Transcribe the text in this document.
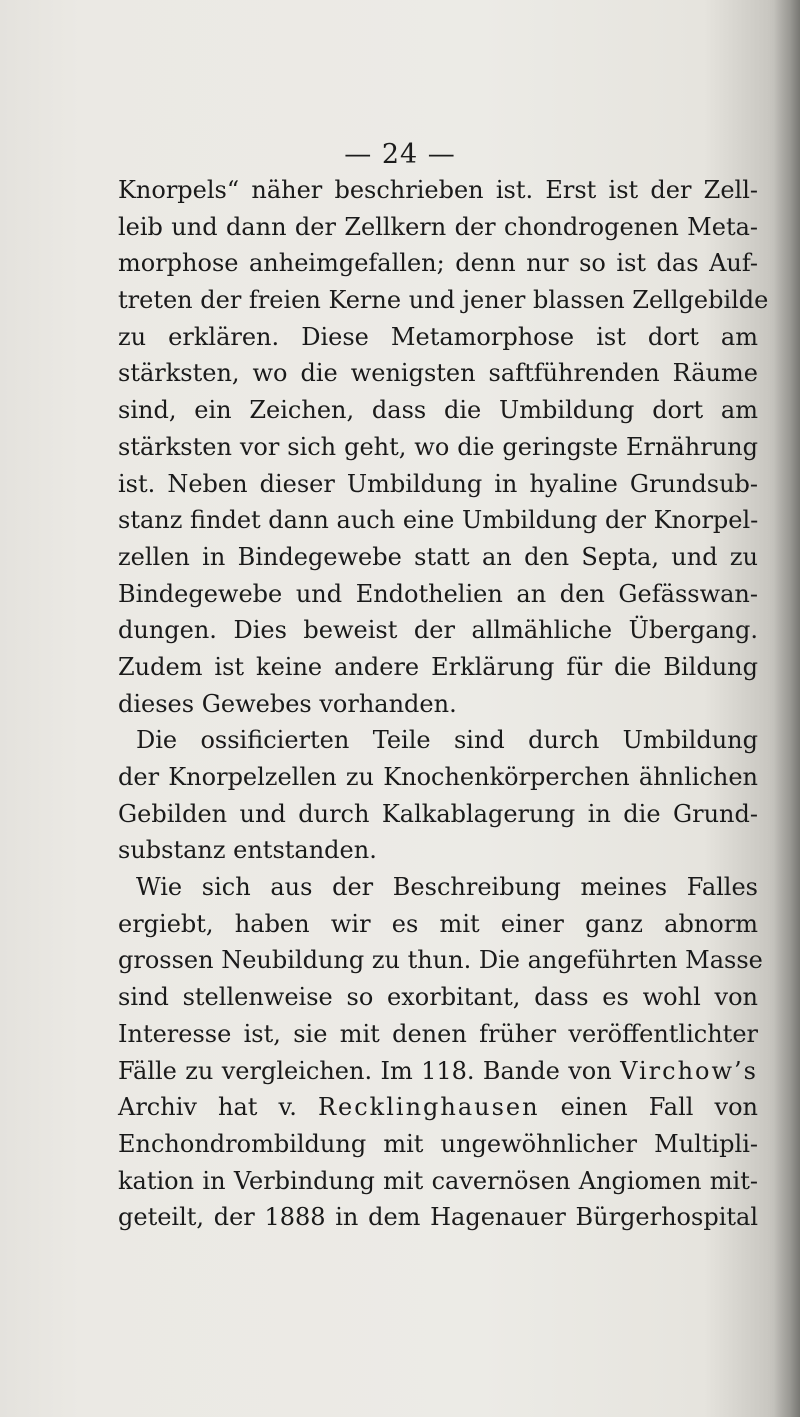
— 24 —
Knorpels“ näher beschrieben ist. Erst ist der Zell-
leib und dann der Zellkern der chondrogenen Meta-
morphose anheimgefallen; denn nur so ist das Auf-
treten der freien Kerne und jener blassen Zellgebilde
zu erklären. Diese Metamorphose ist dort am
stärksten, wo die wenigsten saftführenden Räume
sind, ein Zeichen, dass die Umbildung dort am
stärksten vor sich geht, wo die geringste Ernährung
ist. Neben dieser Umbildung in hyaline Grundsub-
stanz findet dann auch eine Umbildung der Knorpel-
zellen in Bindegewebe statt an den Septa, und zu
Bindegewebe und Endothelien an den Gefässwan-
dungen. Dies beweist der allmähliche Übergang.
Zudem ist keine andere Erklärung für die Bildung
dieses Gewebes vorhanden.
Die ossificierten Teile sind durch Umbildung
der Knorpelzellen zu Knochenkörperchen ähnlichen
Gebilden und durch Kalkablagerung in die Grund-
substanz entstanden.
Wie sich aus der Beschreibung meines Falles
ergiebt, haben wir es mit einer ganz abnorm
grossen Neubildung zu thun. Die angeführten Masse
sind stellenweise so exorbitant, dass es wohl von
Interesse ist, sie mit denen früher veröffentlichter
Fälle zu vergleichen. Im 118. Bande von Virchow’s
Archiv hat v. Recklinghausen einen Fall von
Enchondrombildung mit ungewöhnlicher Multipli-
kation in Verbindung mit cavernösen Angiomen mit-
geteilt, der 1888 in dem Hagenauer Bürgerhospital
